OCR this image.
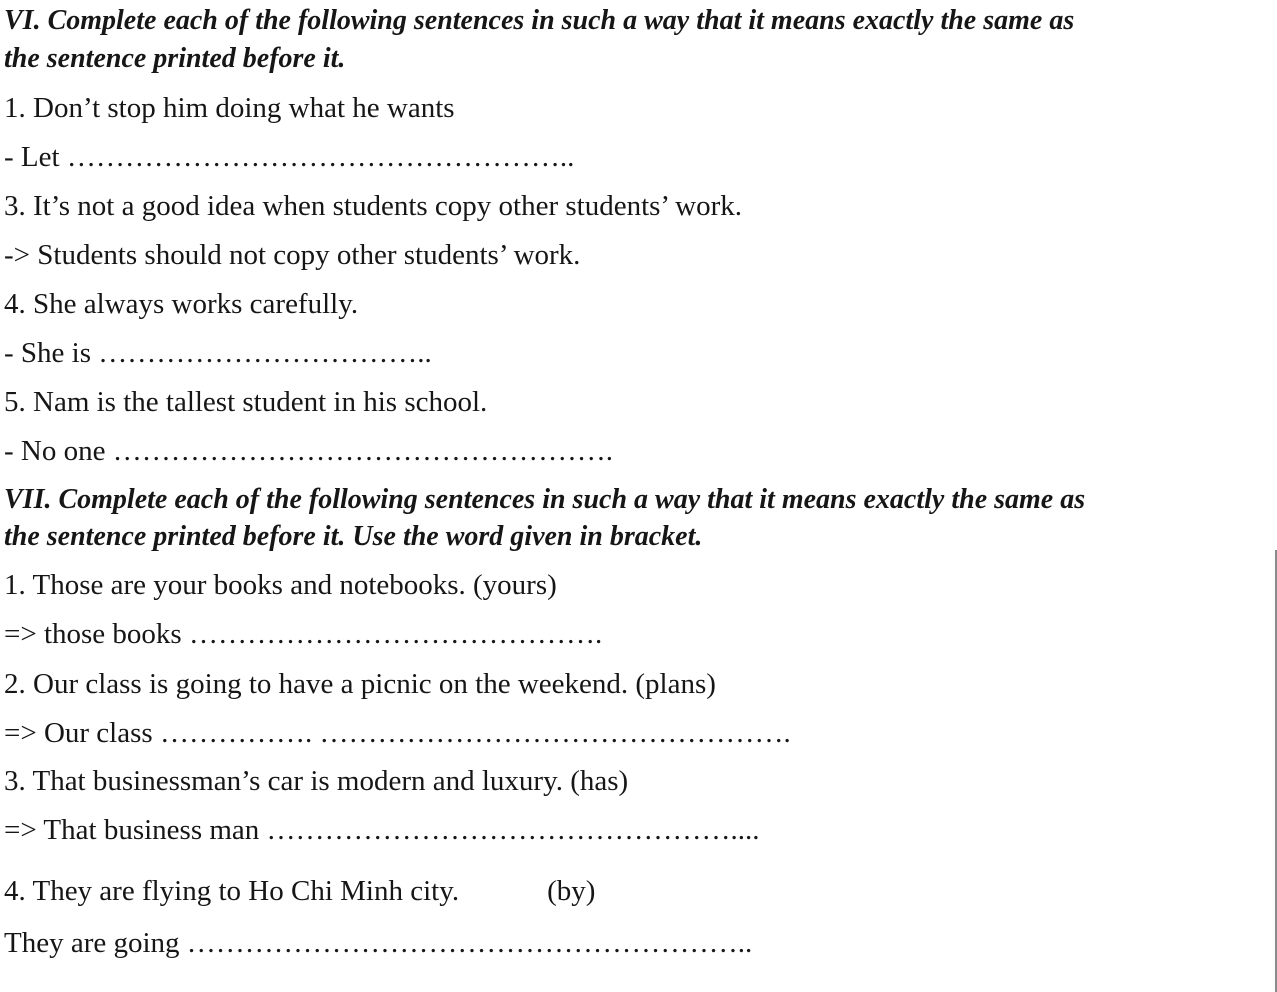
VI. Complete each of the following sentences in such a way that it means exactly the same as
the sentence printed before it.
1. Don’t stop him doing what he wants
- Let ……………………………………………..
3. It’s not a good idea when students copy other students’ work.
-> Students should not copy other students’ work.
4. She always works carefully.
- She is ……………………………..
5. Nam is the tallest student in his school.
- No one …………………………………………….
VII. Complete each of the following sentences in such a way that it means exactly the same as
the sentence printed before it. Use the word given in bracket.
1. Those are your books and notebooks. (yours)
=> those books …………………………………….
2. Our class is going to have a picnic on the weekend. (plans)
=> Our class ……………. ………………………………………….
3. That businessman’s car is modern and luxury. (has)
=> That business man …………………………………………....
4. They are flying to Ho Chi Minh city.	(by)
They are going …………………………………………………..
